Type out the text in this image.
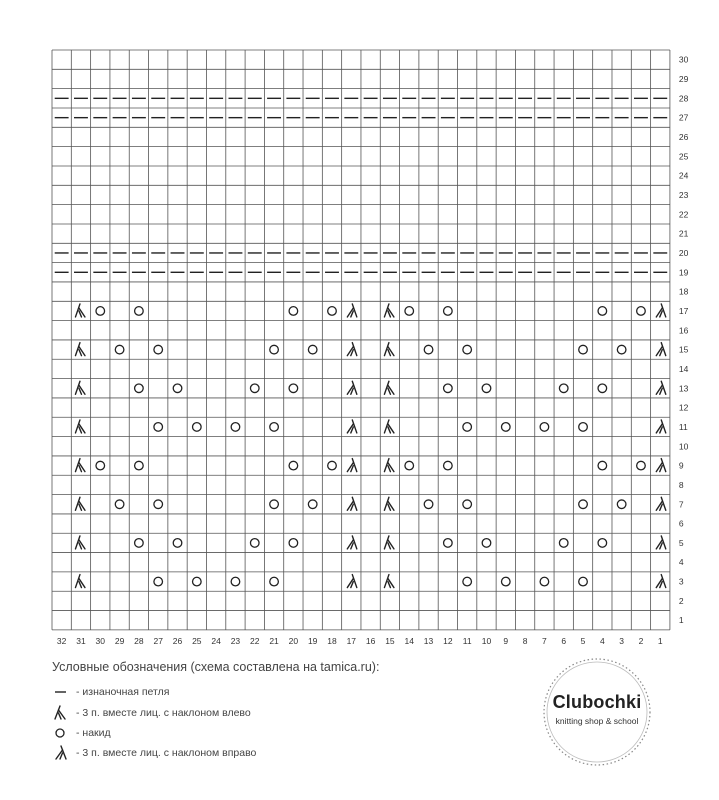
32 31 30 29 28 27 26 25 24 23 22 21 20 19 18 17 16 15 14 13 12 11 10 9 8 7 6 5 4 3 2 1
30
29
28
27
26
25
24
23
22
21
20
19
18
17
16
15
14
13
12
11
10
9
8
7
6
5
4
3
2
1
Условные обозначения (схема составлена на tamica.ru):
- изнаночная петля
- 3 п. вместе лиц. с наклоном влево
- накид
- 3 п. вместе лиц. с наклоном вправо
Clubochki
knitting shop & school
